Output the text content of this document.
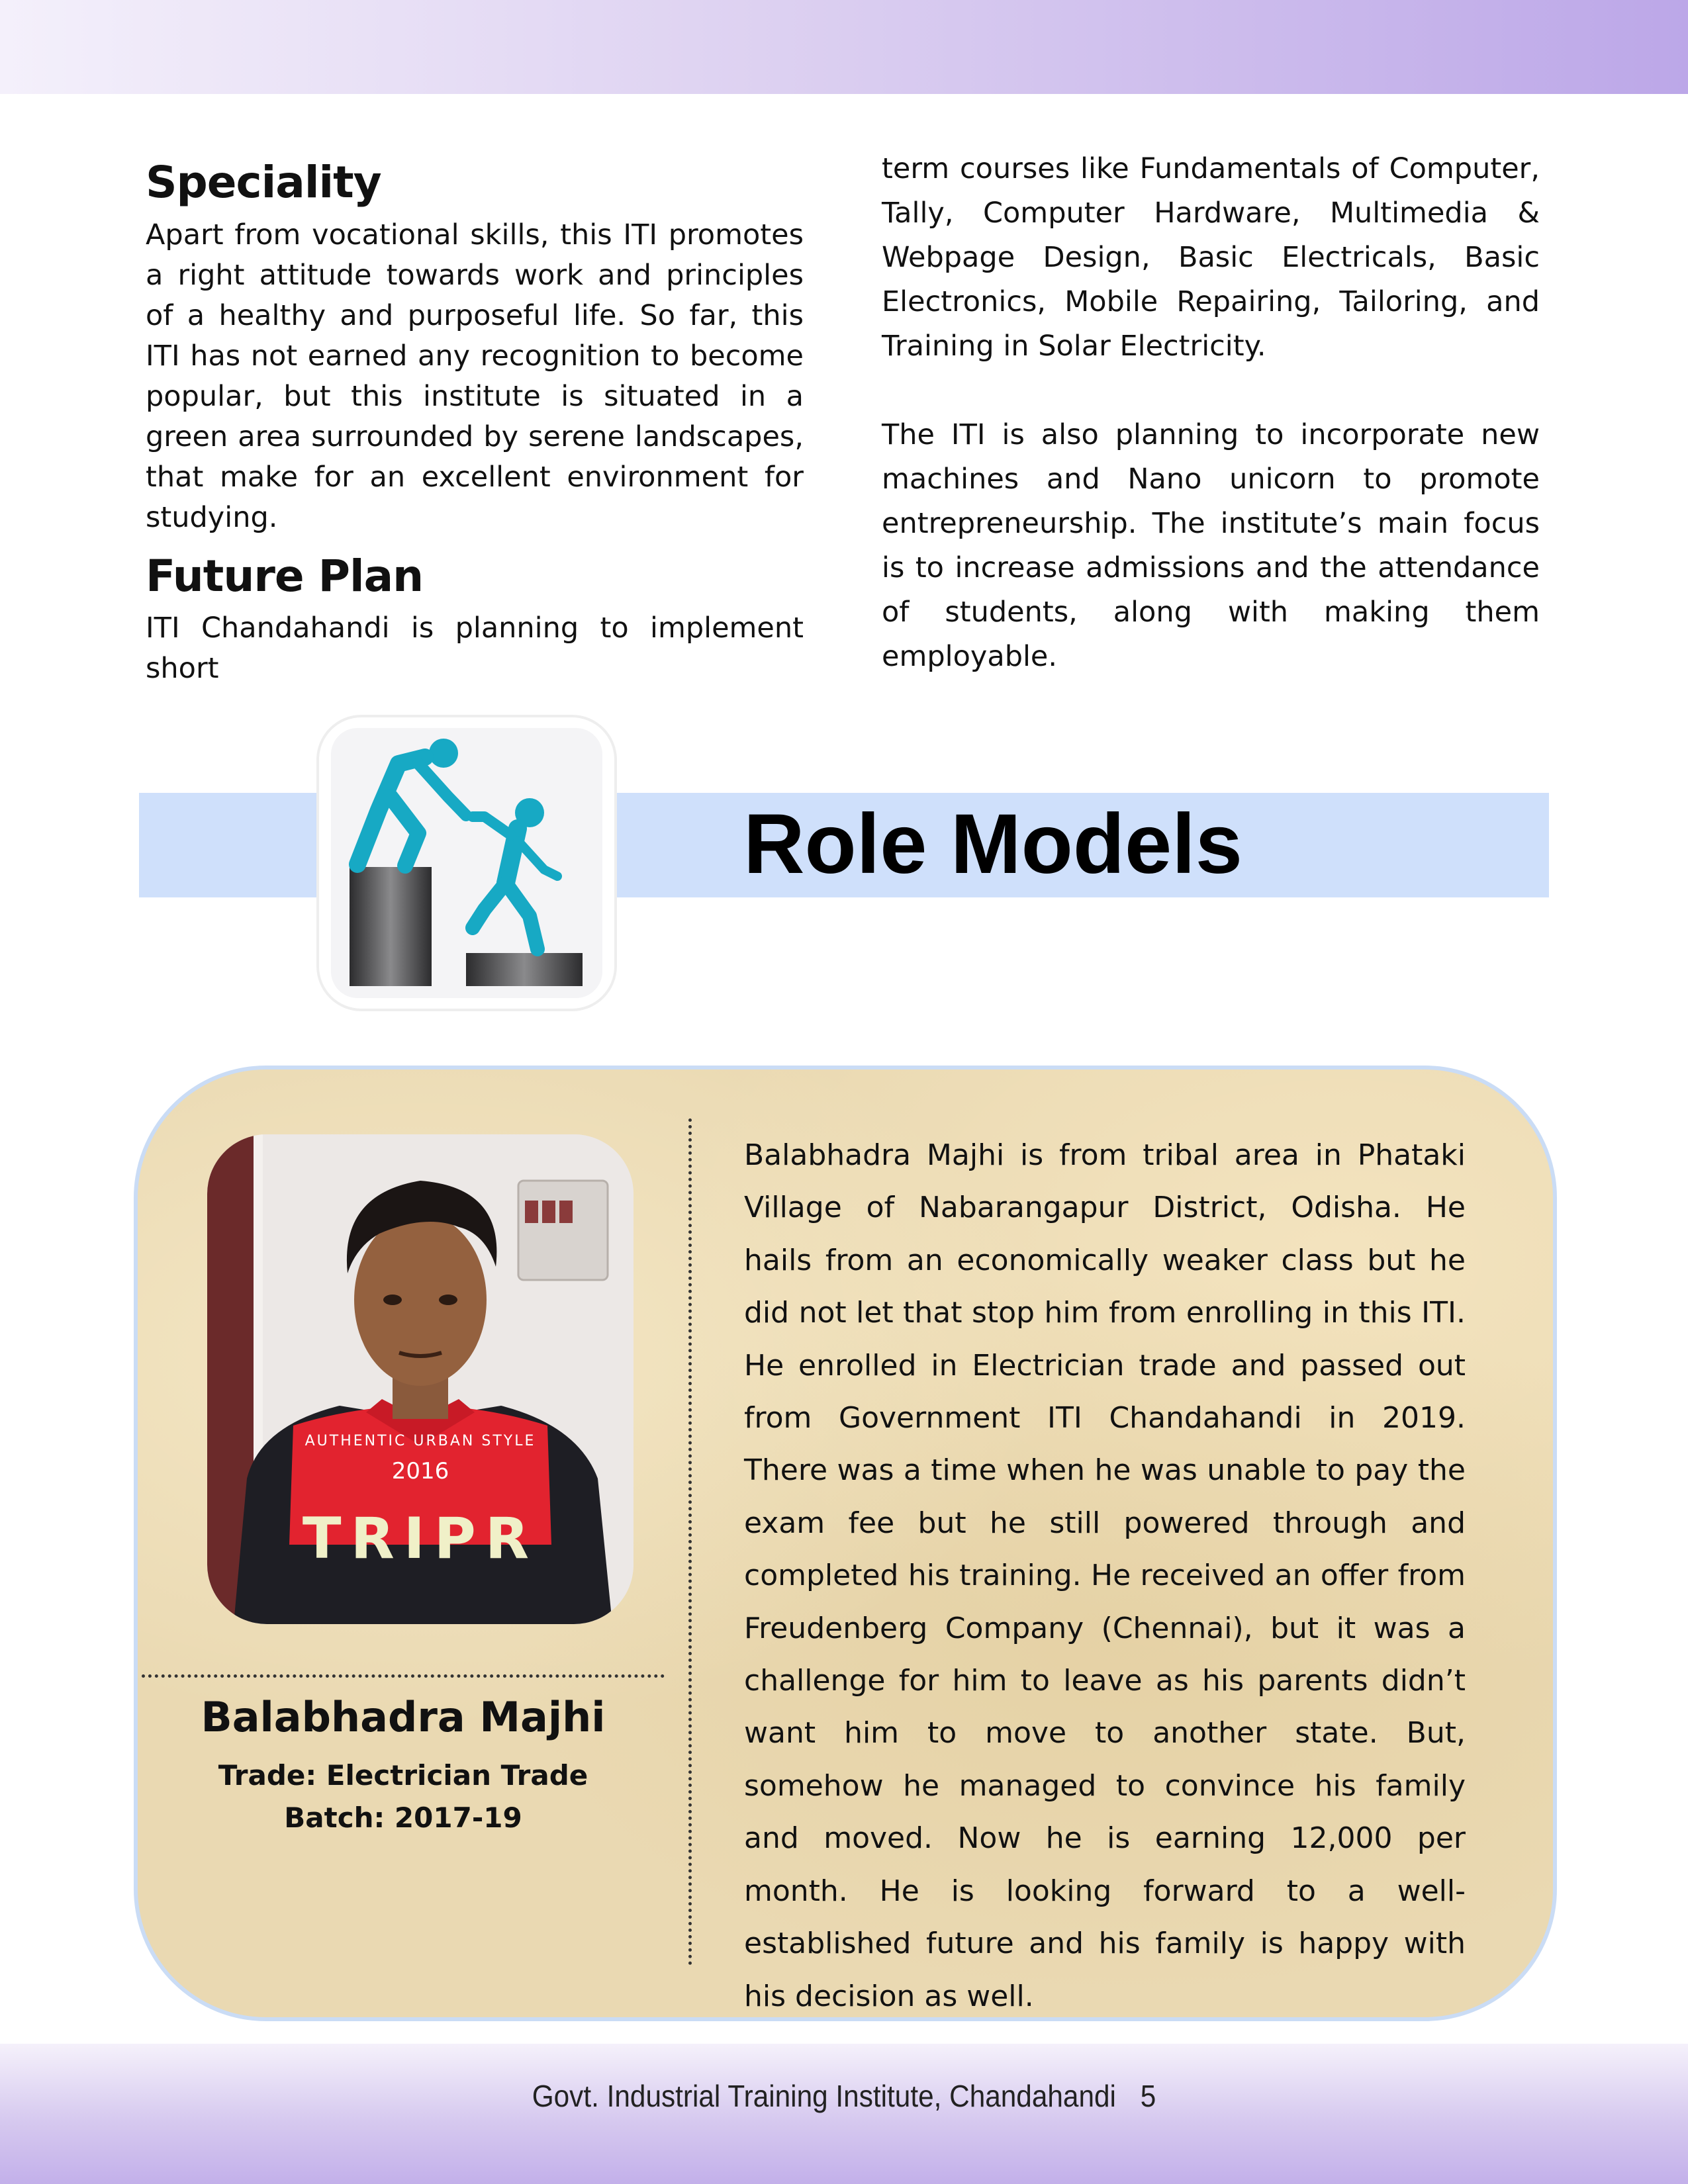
Speciality

Apart from vocational skills, this ITI promotes a right attitude towards work and principles of a healthy and purposeful life. So far, this ITI has not earned any recognition to become popular, but this institute is situated in a green area surrounded by serene landscapes, that make for an excellent environment for studying.

Future Plan

ITI Chandahandi is planning to implement short

term courses like Fundamentals of Computer, Tally, Computer Hardware, Multimedia & Webpage Design, Basic Electricals, Basic Electronics, Mobile Repairing, Tailoring, and Training in Solar Electricity.

The ITI is also planning to incorporate new machines and Nano unicorn to promote entrepreneurship. The institute’s main focus is to increase admissions and the attendance of students, along with making them employable.

Role Models
2016
TRIPR
AUTHENTIC URBAN STYLE
Balabhadra Majhi
Trade: Electrician Trade
Batch: 2017-19

Balabhadra Majhi is from tribal area in Phataki Village of Nabarangapur District, Odisha. He hails from an economically weaker class but he did not let that stop him from enrolling in this ITI. He enrolled in Electrician trade and passed out from Government ITI Chandahandi in 2019. There was a time when he was unable to pay the exam fee but he still powered through and completed his training. He received an offer from Freudenberg Company (Chennai), but it was a challenge for him to leave as his parents didn’t want him to move to another state. But, somehow he managed to convince his family and moved. Now he is earning 12,000 per month. He is looking forward to a well-established future and his family is happy with his decision as well.

Govt. Industrial Training Institute, Chandahandi 5
